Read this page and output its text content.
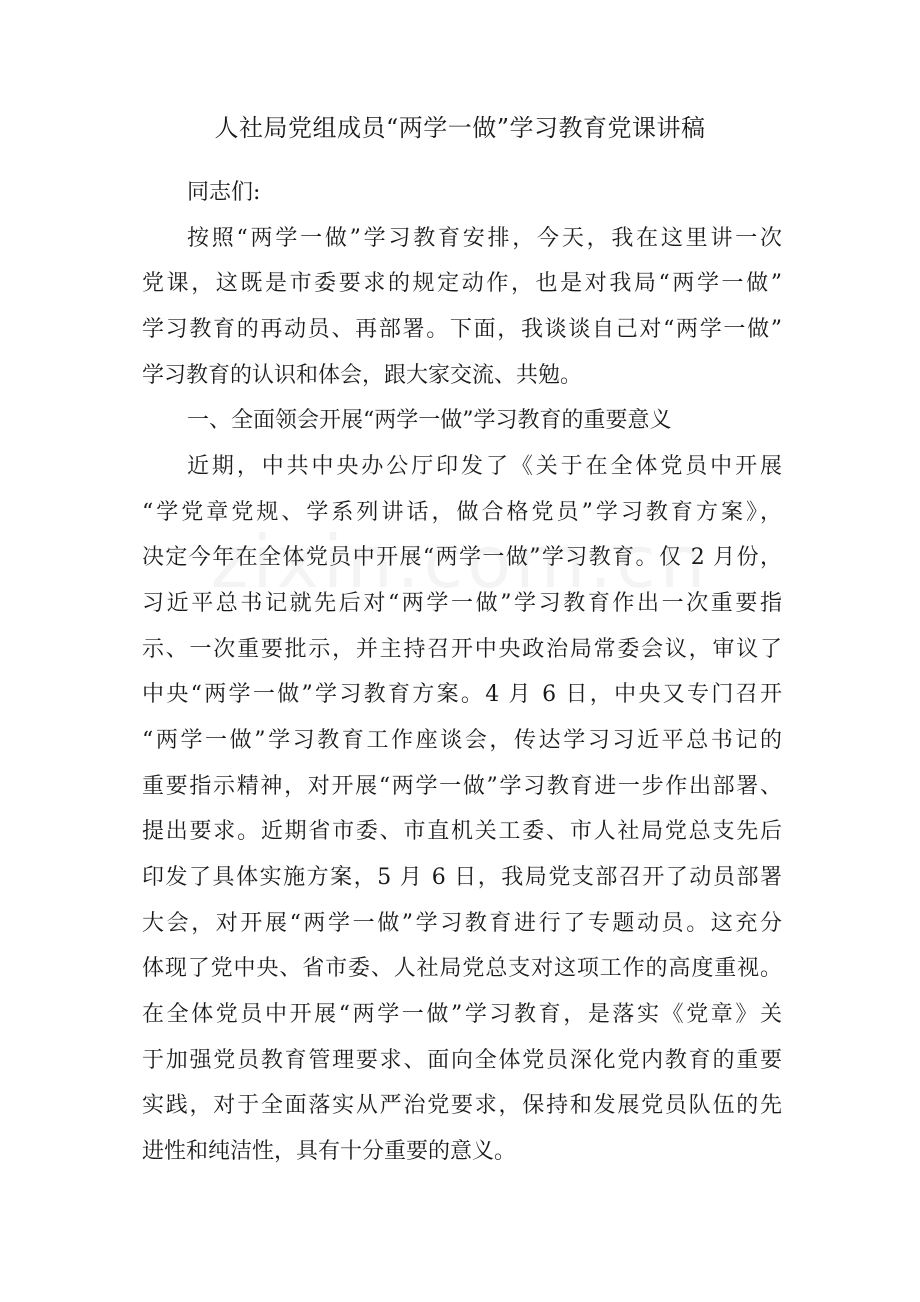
人社局党组成员“两学一做”学习教育党课讲稿
同志们:
按照“两学一做”学习教育安排，今天，我在这里讲一次
党课，这既是市委要求的规定动作，也是对我局“两学一做”
学习教育的再动员、再部署。下面，我谈谈自己对“两学一做”
学习教育的认识和体会，跟大家交流、共勉。
一、全面领会开展“两学一做”学习教育的重要意义
近期，中共中央办公厅印发了《关于在全体党员中开展
“学党章党规、学系列讲话，做合格党员”学习教育方案》，
决定今年在全体党员中开展“两学一做”学习教育。仅 2 月份，
习近平总书记就先后对“两学一做”学习教育作出一次重要指
示、一次重要批示，并主持召开中央政治局常委会议，审议了
中央“两学一做”学习教育方案。4 月 6 日，中央又专门召开
“两学一做”学习教育工作座谈会，传达学习习近平总书记的
重要指示精神，对开展“两学一做”学习教育进一步作出部署、
提出要求。近期省市委、市直机关工委、市人社局党总支先后
印发了具体实施方案，5 月 6 日，我局党支部召开了动员部署
大会，对开展“两学一做”学习教育进行了专题动员。这充分
体现了党中央、省市委、人社局党总支对这项工作的高度重视。
在全体党员中开展“两学一做”学习教育，是落实《党章》关
于加强党员教育管理要求、面向全体党员深化党内教育的重要
实践，对于全面落实从严治党要求，保持和发展党员队伍的先
进性和纯洁性，具有十分重要的意义。
